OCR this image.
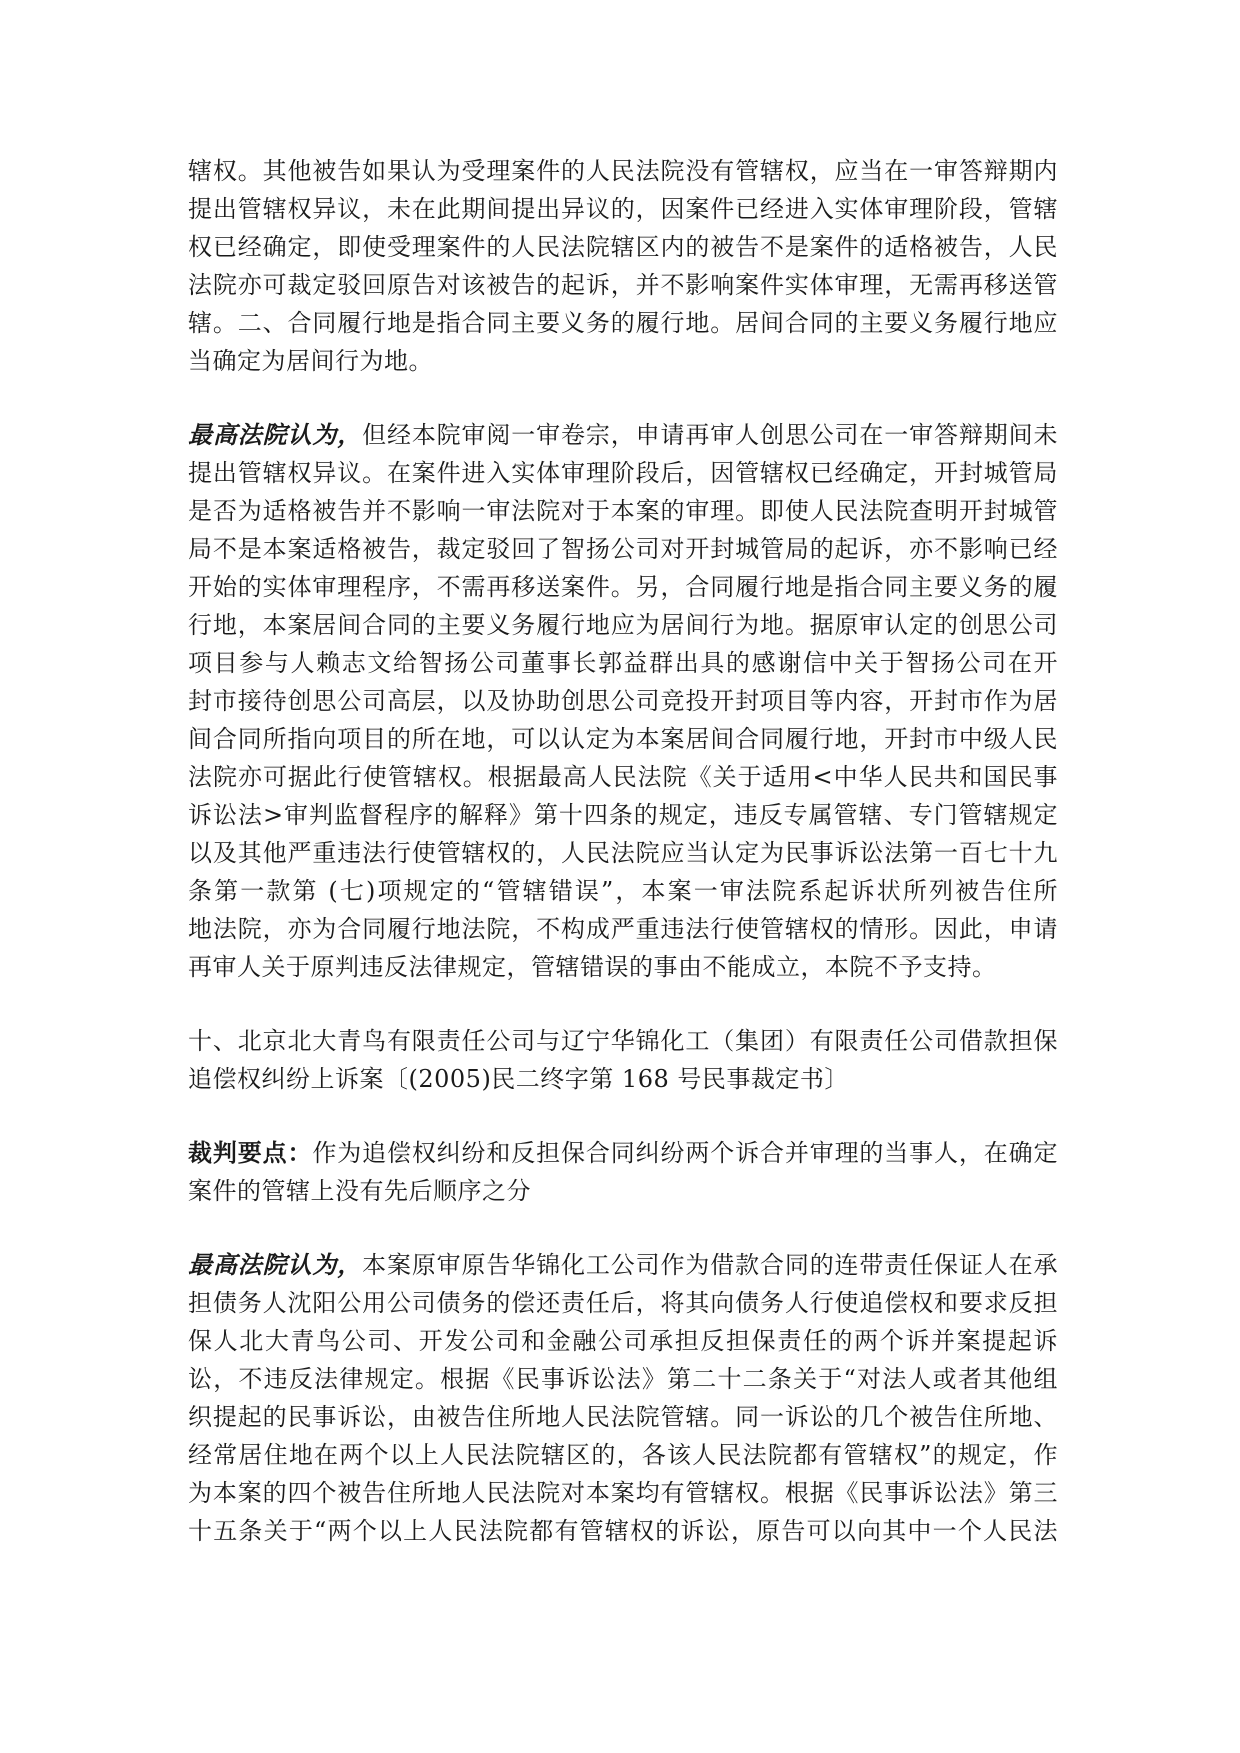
辖权。其他被告如果认为受理案件的人民法院没有管辖权，应当在一审答辩期内
提出管辖权异议，未在此期间提出异议的，因案件已经进入实体审理阶段，管辖
权已经确定，即使受理案件的人民法院辖区内的被告不是案件的适格被告，人民
法院亦可裁定驳回原告对该被告的起诉，并不影响案件实体审理，无需再移送管
辖。二、合同履行地是指合同主要义务的履行地。居间合同的主要义务履行地应
当确定为居间行为地。
最高法院认为，但经本院审阅一审卷宗，申请再审人创思公司在一审答辩期间未
提出管辖权异议。在案件进入实体审理阶段后，因管辖权已经确定，开封城管局
是否为适格被告并不影响一审法院对于本案的审理。即使人民法院查明开封城管
局不是本案适格被告，裁定驳回了智扬公司对开封城管局的起诉，亦不影响已经
开始的实体审理程序，不需再移送案件。另，合同履行地是指合同主要义务的履
行地，本案居间合同的主要义务履行地应为居间行为地。据原审认定的创思公司
项目参与人赖志文给智扬公司董事长郭益群出具的感谢信中关于智扬公司在开
封市接待创思公司高层，以及协助创思公司竞投开封项目等内容，开封市作为居
间合同所指向项目的所在地，可以认定为本案居间合同履行地，开封市中级人民
法院亦可据此行使管辖权。根据最高人民法院《关于适用<中华人民共和国民事
诉讼法>审判监督程序的解释》第十四条的规定，违反专属管辖、专门管辖规定
以及其他严重违法行使管辖权的，人民法院应当认定为民事诉讼法第一百七十九
条第一款第 (七)项规定的“管辖错误”，本案一审法院系起诉状所列被告住所
地法院，亦为合同履行地法院，不构成严重违法行使管辖权的情形。因此，申请
再审人关于原判违反法律规定，管辖错误的事由不能成立，本院不予支持。
十、北京北大青鸟有限责任公司与辽宁华锦化工（集团）有限责任公司借款担保
追偿权纠纷上诉案〔(2005)民二终字第 168 号民事裁定书〕
裁判要点：作为追偿权纠纷和反担保合同纠纷两个诉合并审理的当事人，在确定
案件的管辖上没有先后顺序之分
最高法院认为，本案原审原告华锦化工公司作为借款合同的连带责任保证人在承
担债务人沈阳公用公司债务的偿还责任后，将其向债务人行使追偿权和要求反担
保人北大青鸟公司、开发公司和金融公司承担反担保责任的两个诉并案提起诉
讼，不违反法律规定。根据《民事诉讼法》第二十二条关于“对法人或者其他组
织提起的民事诉讼，由被告住所地人民法院管辖。同一诉讼的几个被告住所地、
经常居住地在两个以上人民法院辖区的，各该人民法院都有管辖权”的规定，作
为本案的四个被告住所地人民法院对本案均有管辖权。根据《民事诉讼法》第三
十五条关于“两个以上人民法院都有管辖权的诉讼，原告可以向其中一个人民法
